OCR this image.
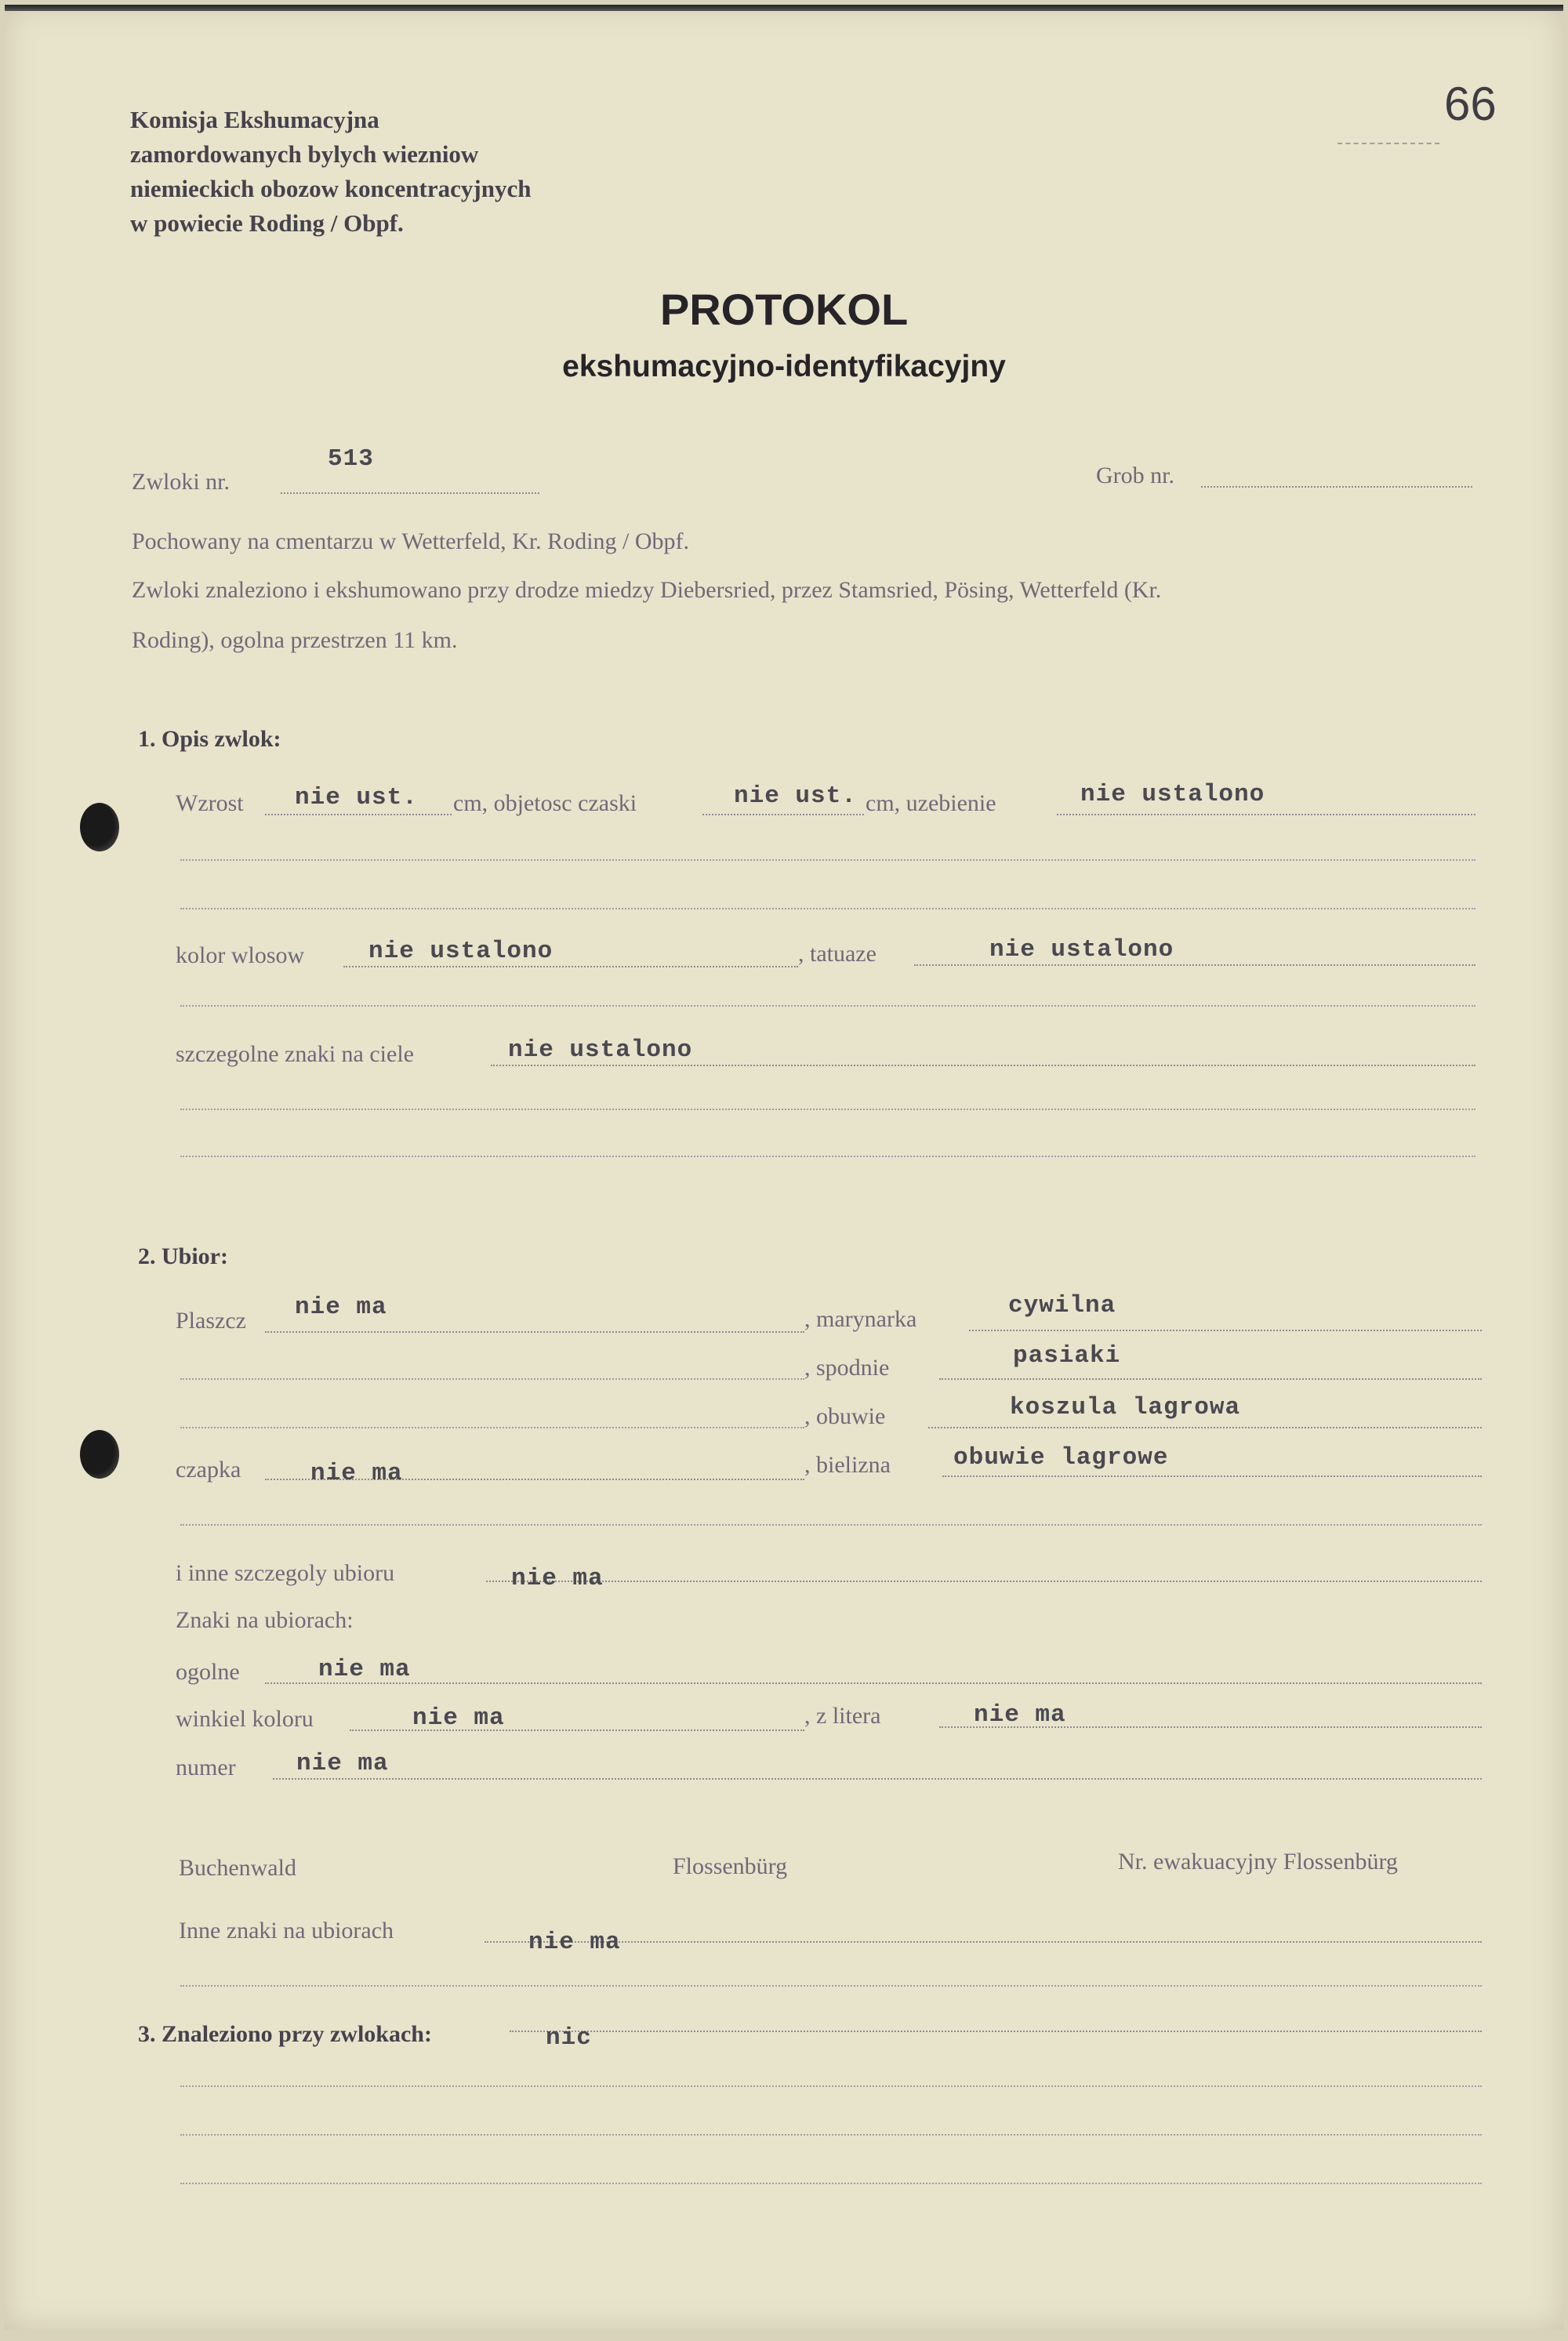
66
Komisja Ekshumacyjna
zamordowanych bylych wiezniow
niemieckich obozow koncentracyjnych
w powiecie Roding / Obpf.
PROTOKOL
ekshumacyjno-identyfikacyjny
Zwloki nr.
513
Grob nr.
Pochowany na cmentarzu w Wetterfeld, Kr. Roding / Obpf.
Zwloki znaleziono i ekshumowano przy drodze miedzy Diebersried, przez Stamsried, Pösing, Wetterfeld (Kr.
Roding), ogolna przestrzen 11 km.
1. Opis zwlok:
Wzrost nie ust. cm, objetosc czaski	nie ust. cm, uzebienie	nie ustalono
kolor wlosow	nie ustalono	, tatuaze	nie ustalono
szczegolne znaki na ciele	nie ustalono
2. Ubior:
Plaszcz nie ma	, marynarka	cywilna
, spodnie	pasiaki
, obuwie	koszula lagrowa
czapka	nie ma	, bielizna	obuwie lagrowe
i inne szczegoly ubioru	nie ma
Znaki na ubiorach:
ogolne	nie ma
winkiel koloru	nie ma	, z litera	nie ma
numer nie ma
Buchenwald	Flossenbürg	Nr. ewakuacyjny Flossenbürg
Inne znaki na ubiorach	nie ma
3. Znaleziono przy zwlokach:	nic
